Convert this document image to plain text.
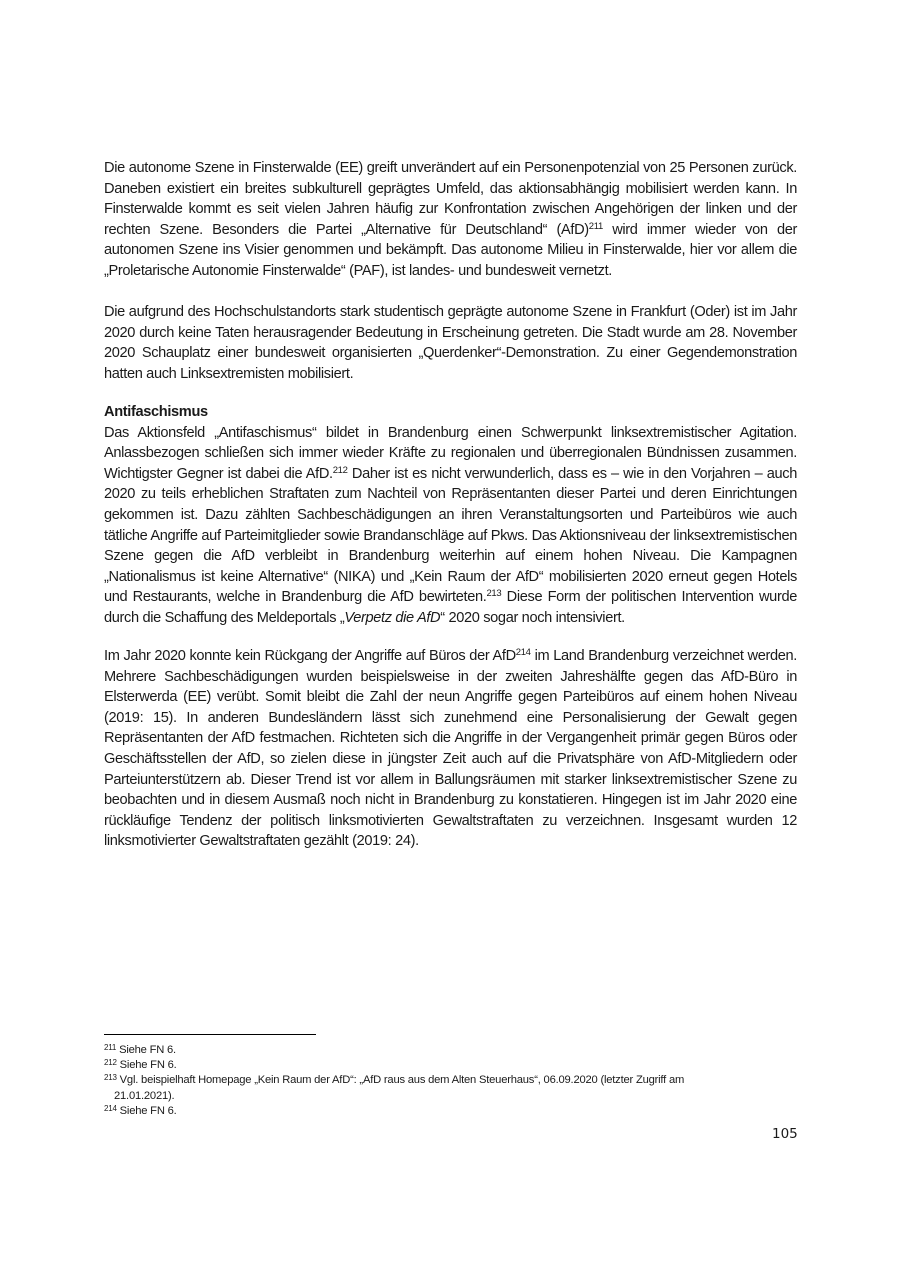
Die autonome Szene in Finsterwalde (EE) greift unverändert auf ein Personenpotenzial von 25 Personen zurück. Daneben existiert ein breites subkulturell geprägtes Umfeld, das aktionsabhängig mobilisiert werden kann. In Finsterwalde kommt es seit vielen Jahren häufig zur Konfrontation zwischen Angehörigen der linken und der rechten Szene. Besonders die Partei „Alternative für Deutschland“ (AfD)$^{211}$ wird immer wieder von der autonomen Szene ins Visier genommen und bekämpft. Das autonome Milieu in Finsterwalde, hier vor allem die „Proletarische Autonomie Finsterwalde“ (PAF), ist landes- und bundesweit vernetzt.

Die aufgrund des Hochschulstandorts stark studentisch geprägte autonome Szene in Frankfurt (Oder) ist im Jahr 2020 durch keine Taten herausragender Bedeutung in Erscheinung getreten. Die Stadt wurde am 28. November 2020 Schauplatz einer bundesweit organisierten „Querdenker“-Demonstration. Zu einer Gegendemonstration hatten auch Linksextremisten mobilisiert.

Antifaschismus

Das Aktionsfeld „Antifaschismus“ bildet in Brandenburg einen Schwerpunkt linksextremistischer Agitation. Anlassbezogen schließen sich immer wieder Kräfte zu regionalen und überregionalen Bündnissen zusammen. Wichtigster Gegner ist dabei die AfD.$^{212}$ Daher ist es nicht verwunderlich, dass es – wie in den Vorjahren – auch 2020 zu teils erheblichen Straftaten zum Nachteil von Repräsentanten dieser Partei und deren Einrichtungen gekommen ist. Dazu zählten Sachbeschädigungen an ihren Veranstaltungsorten und Parteibüros wie auch tätliche Angriffe auf Parteimitglieder sowie Brandanschläge auf Pkws. Das Aktionsniveau der linksextremistischen Szene gegen die AfD verbleibt in Brandenburg weiterhin auf einem hohen Niveau. Die Kampagnen „Nationalismus ist keine Alternative“ (NIKA) und „Kein Raum der AfD“ mobilisierten 2020 erneut gegen Hotels und Restaurants, welche in Brandenburg die AfD bewirteten.$^{213}$ Diese Form der politischen Intervention wurde durch die Schaffung des Meldeportals „Verpetz die AfD“ 2020 sogar noch intensiviert.

Im Jahr 2020 konnte kein Rückgang der Angriffe auf Büros der AfD$^{214}$ im Land Brandenburg verzeichnet werden. Mehrere Sachbeschädigungen wurden beispielsweise in der zweiten Jahreshälfte gegen das AfD-Büro in Elsterwerda (EE) verübt. Somit bleibt die Zahl der neun Angriffe gegen Parteibüros auf einem hohen Niveau (2019: 15). In anderen Bundesländern lässt sich zunehmend eine Personalisierung der Gewalt gegen Repräsentanten der AfD festmachen. Richteten sich die Angriffe in der Vergangenheit primär gegen Büros oder Geschäftsstellen der AfD, so zielen diese in jüngster Zeit auch auf die Privatsphäre von AfD-Mitgliedern oder Parteiunterstützern ab. Dieser Trend ist vor allem in Ballungsräumen mit starker linksextremistischer Szene zu beobachten und in diesem Ausmaß noch nicht in Brandenburg zu konstatieren. Hingegen ist im Jahr 2020 eine rückläufige Tendenz der politisch linksmotivierten Gewaltstraftaten zu verzeichnen. Insgesamt wurden 12 linksmotivierter Gewaltstraftaten gezählt (2019: 24).

$^{211}$ Siehe FN 6.

$^{212}$ Siehe FN 6.

$^{213}$ Vgl. beispielhaft Homepage „Kein Raum der AfD“: „AfD raus aus dem Alten Steuerhaus“, 06.09.2020 (letzter Zugriff am

21.01.2021).

$^{214}$ Siehe FN 6.

105
